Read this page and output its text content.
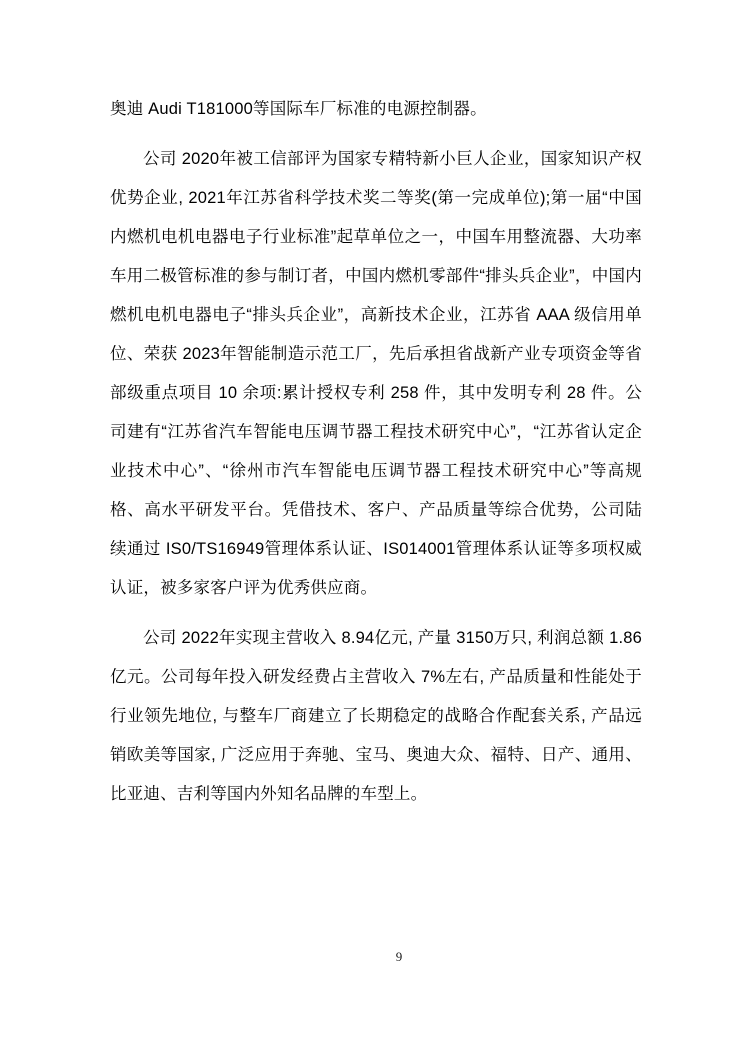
奥迪 Audi T181000等国际车厂标准的电源控制器。

公司 2020年被工信部评为国家专精特新小巨人企业，国家知识产权优势企业, 2021年江苏省科学技术奖二等奖(第一完成单位);第一届“中国内燃机电机电器电子行业标准”起草单位之一，中国车用整流器、大功率车用二极管标准的参与制订者，中国内燃机零部件“排头兵企业”，中国内燃机电机电器电子“排头兵企业”，高新技术企业，江苏省 AAA 级信用单位、荣获 2023年智能制造示范工厂，先后承担省战新产业专项资金等省部级重点项目 10 余项:累计授权专利 258 件，其中发明专利 28 件。公司建有“江苏省汽车智能电压调节器工程技术研究中心”，“江苏省认定企业技术中心”、“徐州市汽车智能电压调节器工程技术研究中心”等高规格、高水平研发平台。凭借技术、客户、产品质量等综合优势，公司陆续通过 IS0/TS16949管理体系认证、IS014001管理体系认证等多项权威认证，被多家客户评为优秀供应商。

公司 2022年实现主营收入 8.94亿元, 产量 3150万只, 利润总额 1.86亿元。公司每年投入研发经费占主营收入 7%左右, 产品质量和性能处于行业领先地位, 与整车厂商建立了长期稳定的战略合作配套关系, 产品远销欧美等国家, 广泛应用于奔驰、宝马、奥迪大众、福特、日产、通用、比亚迪、吉利等国内外知名品牌的车型上。

9
